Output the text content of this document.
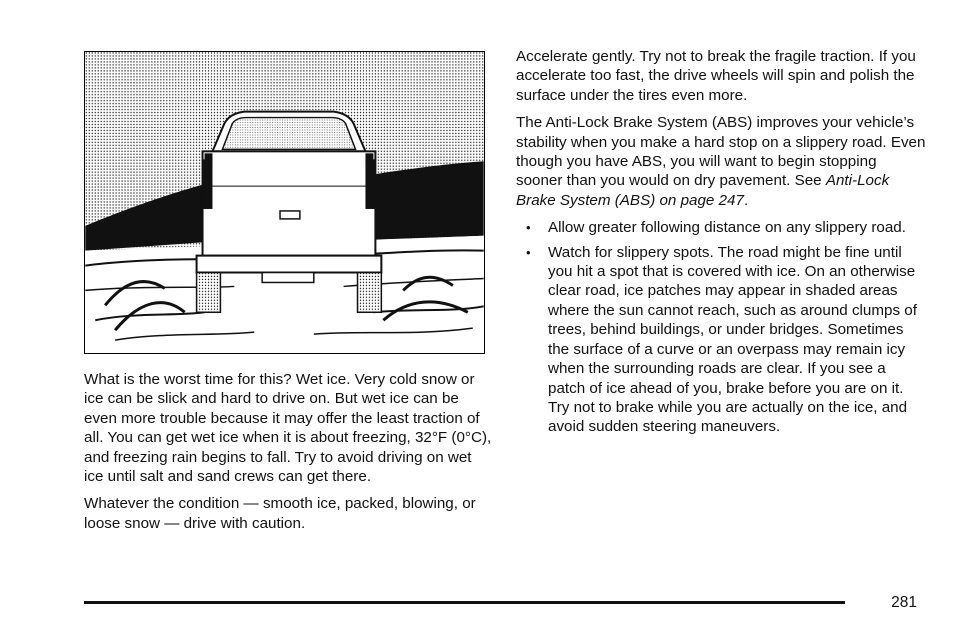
What is the worst time for this? Wet ice. Very cold snow or ice can be slick and hard to drive on. But wet ice can be even more trouble because it may offer the least traction of all. You can get wet ice when it is about freezing, 32°F (0°C), and freezing rain begins to fall. Try to avoid driving on wet ice until salt and sand crews can get there.

Whatever the condition — smooth ice, packed, blowing, or loose snow — drive with caution.

Accelerate gently. Try not to break the fragile traction. If you accelerate too fast, the drive wheels will spin and polish the surface under the tires even more.

The Anti-Lock Brake System (ABS) improves your vehicle’s stability when you make a hard stop on a slippery road. Even though you have ABS, you will want to begin stopping sooner than you would on dry pavement. See Anti-Lock Brake System (ABS) on page 247.

• Allow greater following distance on any slippery road.
• Watch for slippery spots. The road might be fine until you hit a spot that is covered with ice. On an otherwise clear road, ice patches may appear in shaded areas where the sun cannot reach, such as around clumps of trees, behind buildings, or under bridges. Sometimes the surface of a curve or an overpass may remain icy when the surrounding roads are clear. If you see a patch of ice ahead of you, brake before you are on it. Try not to brake while you are actually on the ice, and avoid sudden steering maneuvers.
281
